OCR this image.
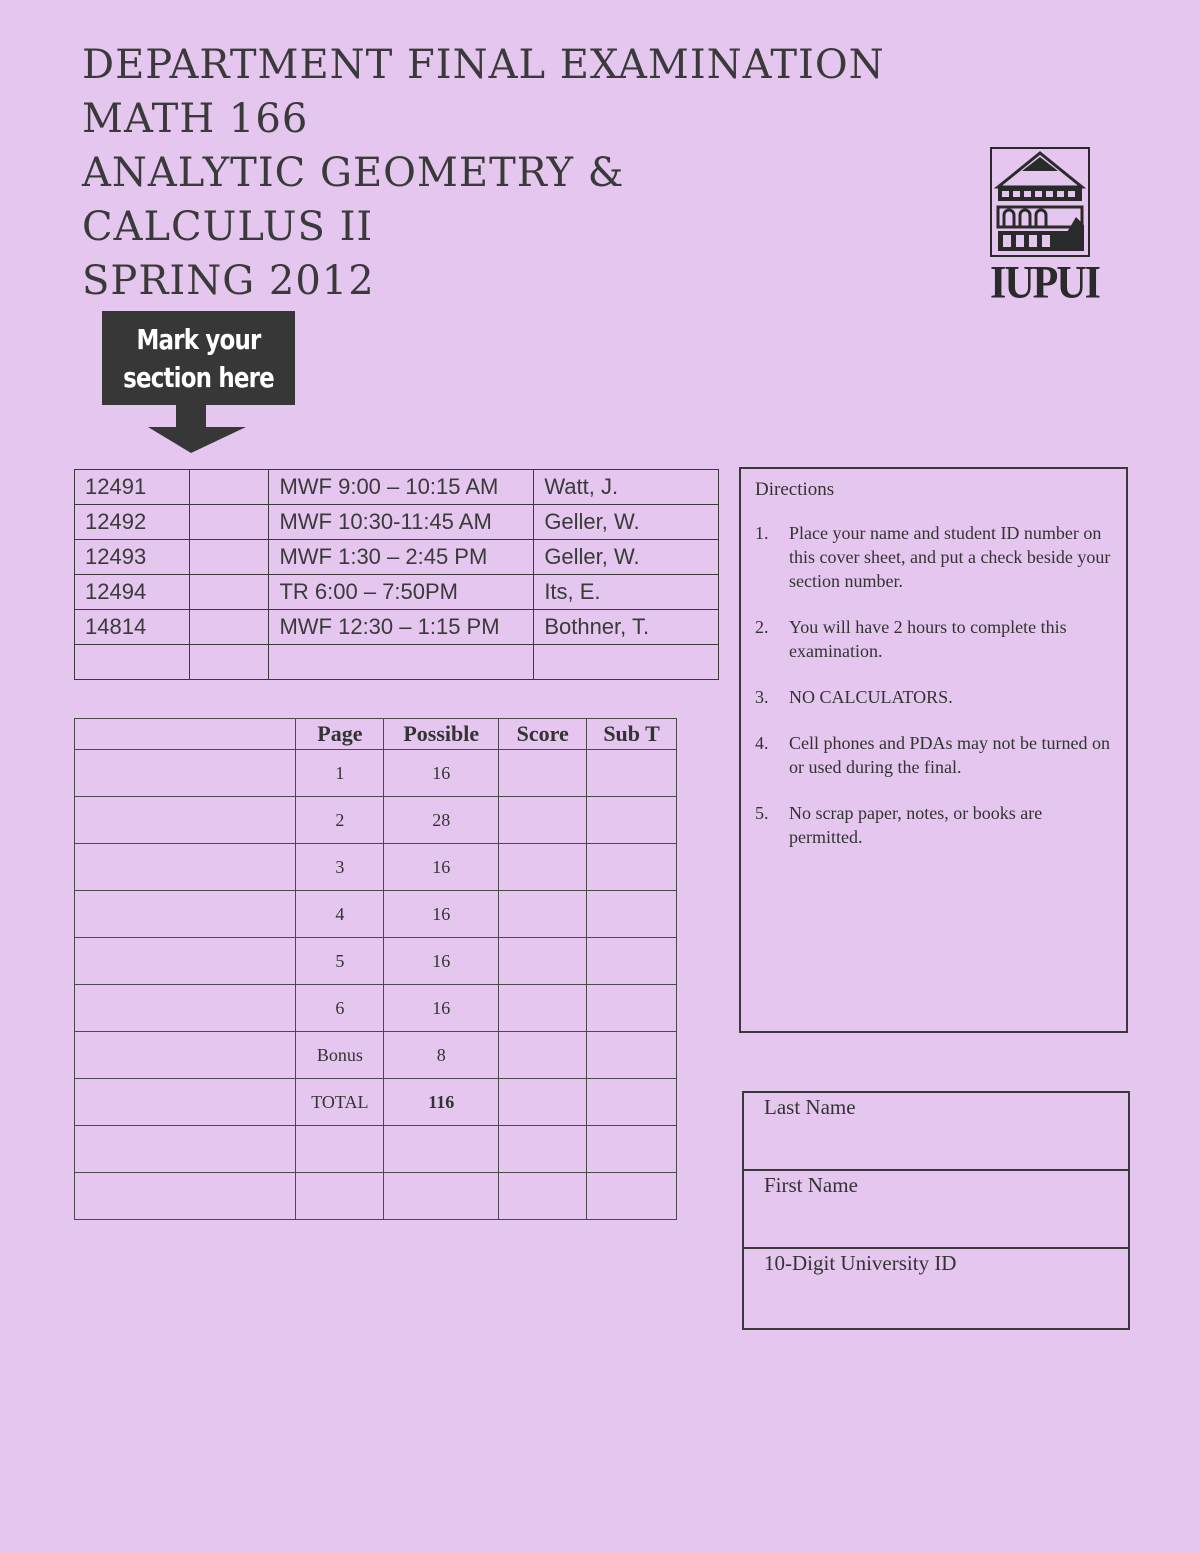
DEPARTMENT FINAL EXAMINATION
MATH 166
ANALYTIC GEOMETRY &
CALCULUS II
SPRING 2012	IUPUI
Mark your
section here
12491		MWF 9:00 – 10:15 AM	Watt, J.
12492		MWF 10:30-11:45 AM	Geller, W.
12493		MWF 1:30 – 2:45 PM	Geller, W.
12494		TR 6:00 – 7:50PM	Its, E.
14814		MWF 12:30 – 1:15 PM	Bothner, T.

	Page	Possible	Score	Sub T
	1	16		
	2	28		
	3	16		
	4	16		
	5	16		
	6	16		
	Bonus	8		
	TOTAL	116		

Directions
1.	Place your name and student ID number on this cover sheet, and put a check beside your section number.
2.	You will have 2 hours to complete this examination.
3.	NO CALCULATORS.
4.	Cell phones and PDAs may not be turned on or used during the final.
5.	No scrap paper, notes, or books are permitted.
Last Name
First Name
10-Digit University ID
